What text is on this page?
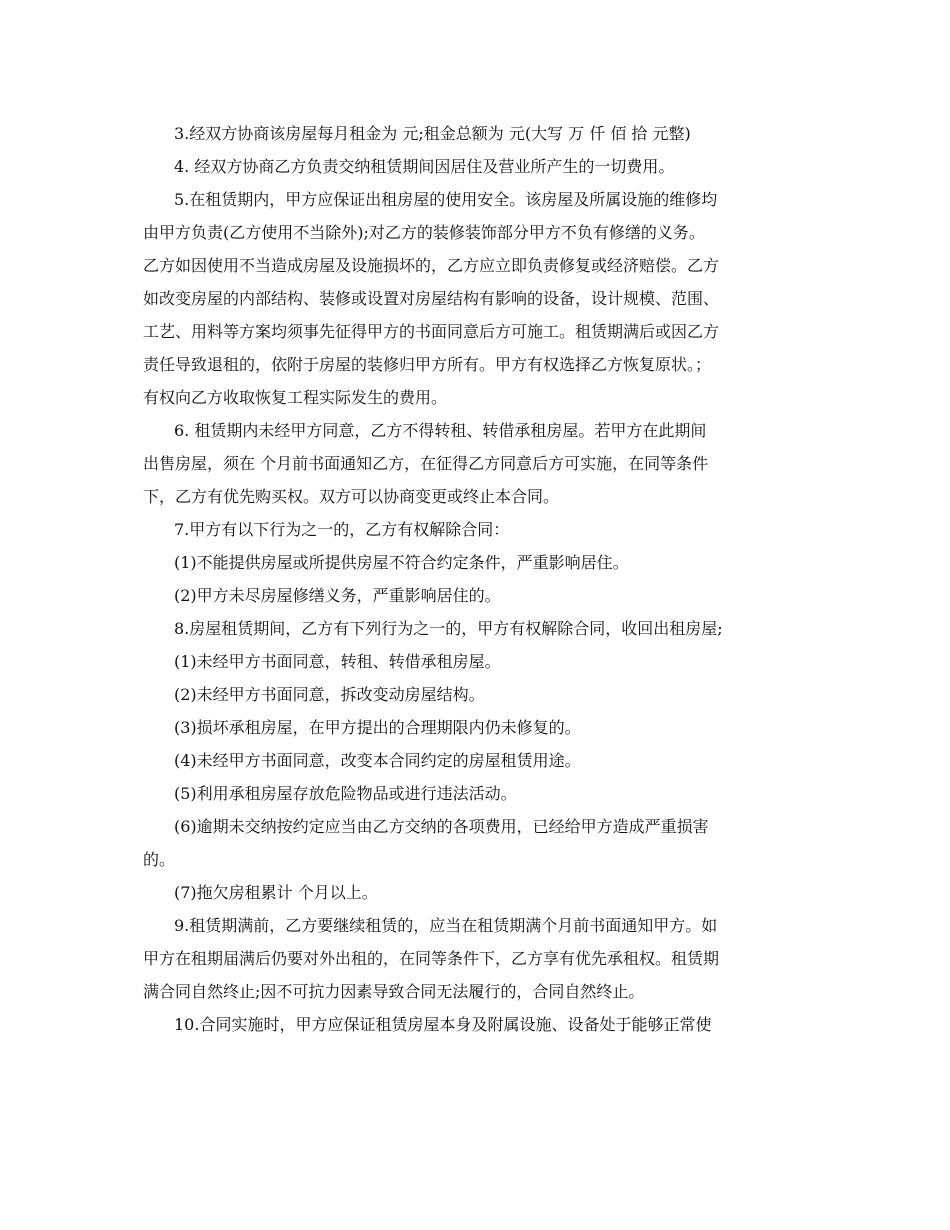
3.经双方协商该房屋每月租金为 元;租金总额为 元(大写 万 仟 佰 拾 元整)
4. 经双方协商乙方负责交纳租赁期间因居住及营业所产生的一切费用。
5.在租赁期内，甲方应保证出租房屋的使用安全。该房屋及所属设施的维修均
由甲方负责(乙方使用不当除外);对乙方的装修装饰部分甲方不负有修缮的义务。
乙方如因使用不当造成房屋及设施损坏的，乙方应立即负责修复或经济赔偿。乙方
如改变房屋的内部结构、装修或设置对房屋结构有影响的设备，设计规模、范围、
工艺、用料等方案均须事先征得甲方的书面同意后方可施工。租赁期满后或因乙方
责任导致退租的，依附于房屋的装修归甲方所有。甲方有权选择乙方恢复原状。；
有权向乙方收取恢复工程实际发生的费用。
6. 租赁期内未经甲方同意，乙方不得转租、转借承租房屋。若甲方在此期间
出售房屋，须在 个月前书面通知乙方，在征得乙方同意后方可实施，在同等条件
下，乙方有优先购买权。双方可以协商变更或终止本合同。
7.甲方有以下行为之一的，乙方有权解除合同：
(1)不能提供房屋或所提供房屋不符合约定条件，严重影响居住。
(2)甲方未尽房屋修缮义务，严重影响居住的。
8.房屋租赁期间，乙方有下列行为之一的，甲方有权解除合同，收回出租房屋;
(1)未经甲方书面同意，转租、转借承租房屋。
(2)未经甲方书面同意，拆改变动房屋结构。
(3)损坏承租房屋，在甲方提出的合理期限内仍未修复的。
(4)未经甲方书面同意，改变本合同约定的房屋租赁用途。
(5)利用承租房屋存放危险物品或进行违法活动。
(6)逾期未交纳按约定应当由乙方交纳的各项费用，已经给甲方造成严重损害
的。
(7)拖欠房租累计 个月以上。
9.租赁期满前，乙方要继续租赁的，应当在租赁期满个月前书面通知甲方。如
甲方在租期届满后仍要对外出租的，在同等条件下，乙方享有优先承租权。租赁期
满合同自然终止;因不可抗力因素导致合同无法履行的，合同自然终止。
10.合同实施时，甲方应保证租赁房屋本身及附属设施、设备处于能够正常使
